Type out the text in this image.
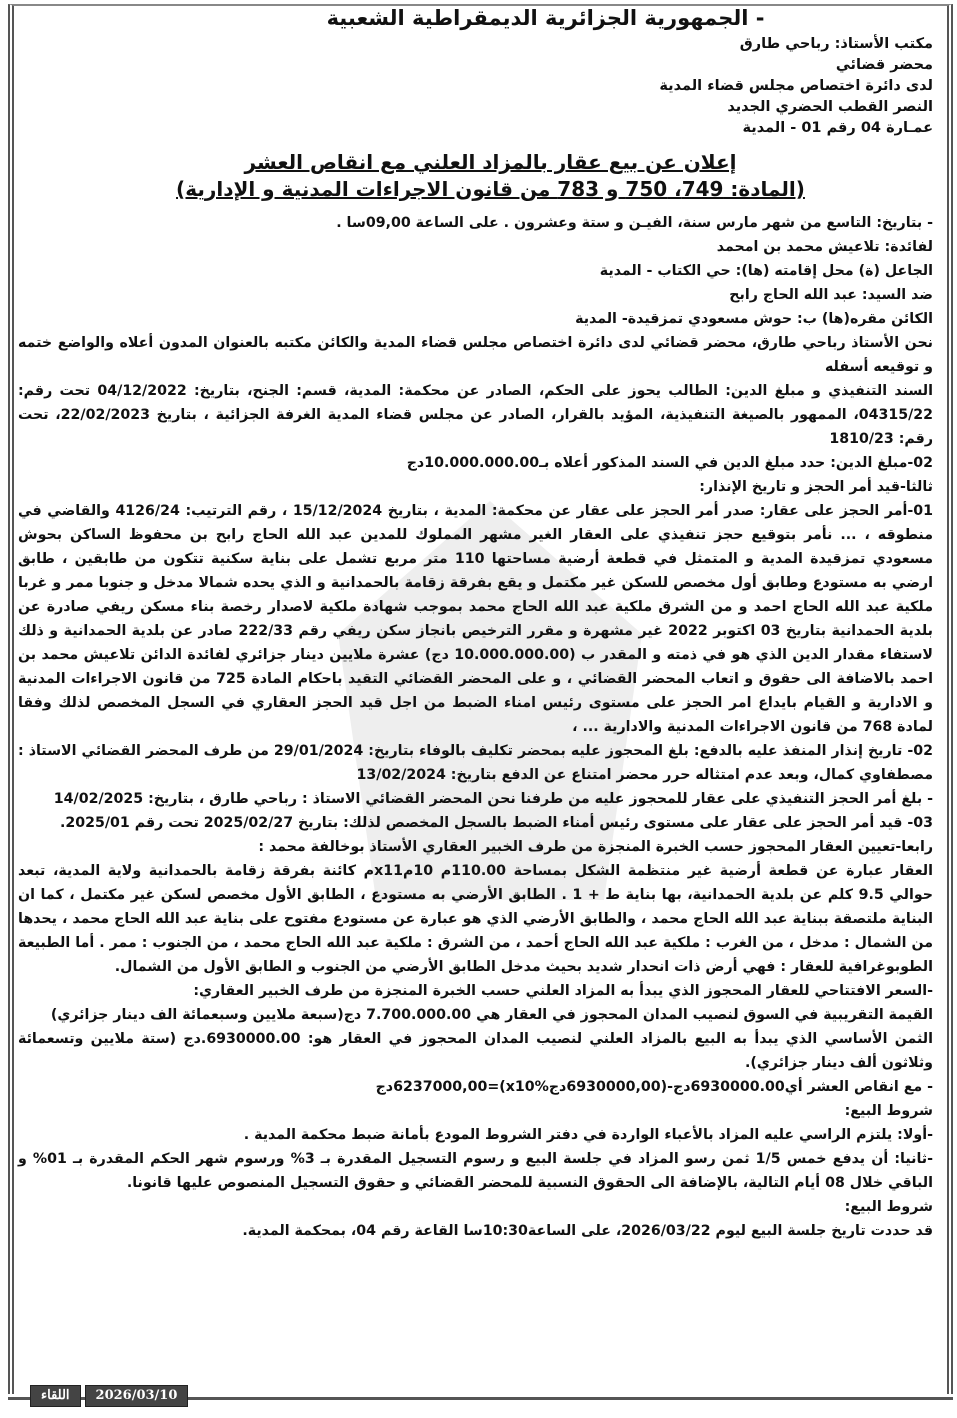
- الجمهورية الجزائرية الديمقراطية الشعبية
مكتب الأستاذ: رباحي طارق
محضر قضائي
لدى دائرة اختصاص مجلس قضاء المدية
النصر القطب الحضري الجديد
عمـارة 04 رقم 01 - المدية
إعلان عن بيع عقار بالمزاد العلني مع انقاص العشر
(المادة: 749، 750 و 783 من قانون الاجراءات المدنية و الإدارية)

- بتاريخ: التاسع من شهر مارس سنة، الفيـن و ستة وعشرون . على الساعة 09,00سا .

لفائدة: تلاعيش محمد بن امحمد

الجاعل (ة) محل إقامته (ها): حي الكتاب - المدية

ضد السيد: عبد الله الحاج رابح

الكائن مقره(ها) ب: حوش مسعودي تمزقيدة- المدية

نحن الأستاذ رباحي طارق، محضر قضائي لدى دائرة اختصاص مجلس قضاء المدية والكائن مكتبه بالعنوان المدون أعلاه والواضع ختمه و توقيعه أسفله

السند التنفيذي و مبلغ الدين: الطالب يحوز على الحكم، الصادر عن محكمة: المدية، قسم: الجنح، بتاريخ: 04/12/2022 تحت رقم: 04315/22، الممهور بالصيغة التنفيذية، المؤيد بالقرار، الصادر عن مجلس قضاء المدية الغرفة الجزائية ، بتاريخ 22/02/2023، تحت رقم: 1810/23

02-مبلغ الدين: حدد مبلغ الدين في السند المذكور أعلاه بـ10.000.000.00دج

ثالثا-قيد أمر الحجز و تاريخ الإنذار:

01-أمر الحجز على عقار: صدر أمر الحجز على عقار عن محكمة: المدية ، بتاريخ 15/12/2024 ، رقم الترتيب: 4126/24 والقاضي في منطوقه ، ... نأمر بتوقيع حجز تنفيذي على العقار الغير مشهر المملوك للمدين عبد الله الحاج رابح بن محفوظ الساكن بحوش مسعودي تمزقيدة المدية و المتمثل في قطعة أرضية مساحتها 110 متر مربع تشمل على بناية سكنية تتكون من طابقين ، طابق ارضي به مستودع وطابق أول مخصص للسكن غير مكتمل و يقع بفرقة زقامة بالحمدانية و الذي يحده شمالا مدخل و جنوبا ممر و غربا ملكية عبد الله الحاج احمد و من الشرق ملكية عبد الله الحاج محمد بموجب شهادة ملكية لاصدار رخصة بناء مسكن ريفي صادرة عن بلدية الحمدانية بتاريخ 03 اكتوبر 2022 غير مشهرة و مقرر الترخيص بانجاز سكن ريفي رقم 222/33 صادر عن بلدية الحمدانية و ذلك لاستفاء مقدار الدين الذي هو في ذمته و المقدر ب (10.000.000.00 دج) عشرة ملايين دينار جزائري لفائدة الدائن تلاعيش محمد بن احمد بالاضافة الى حقوق و اتعاب المحضر القضائي ، و على المحضر القضائي التقيد باحكام المادة 725 من قانون الاجراءات المدنية و الادارية و القيام بايداع امر الحجز على مستوى رئيس امناء الضبط من اجل قيد الحجز العقاري في السجل المخصص لذلك وفقا لمادة 768 من قانون الاجراءات المدنية والادارية ... ،

02- تاريخ إنذار المنفذ عليه بالدفع: بلغ المحجوز عليه بمحضر تكليف بالوفاء بتاريخ: 29/01/2024 من طرف المحضر القضائي الاستاذ : مصطفاوي كمال، وبعد عدم امتثاله حرر محضر امتناع عن الدفع بتاريخ: 13/02/2024

- بلغ أمر الحجز التنفيذي على عقار للمحجوز عليه من طرفنا نحن المحضر القضائي الاستاذ : رباحي طارق ، بتاريخ: 14/02/2025

03- قيد أمر الحجز على عقار على مستوى رئيس أمناء الضبط بالسجل المخصص لذلك: بتاريخ 2025/02/27 تحت رقم 2025/01.

رابعا-تعيين العقار المحجوز حسب الخبرة المنجزة من طرف الخبير العقاري الأستاذ بوخالفة محمد :

العقار عبارة عن قطعة أرضية غير منتظمة الشكل بمساحة 110.00م 10مx11م كائنة بفرقة زقامة بالحمدانية ولاية المدية، تبعد حوالي 9.5 كلم عن بلدية الحمدانية، بها بناية ط + 1 . الطابق الأرضي به مستودع ، الطابق الأول مخصص لسكن غير مكتمل ، كما ان البناية ملتصقة ببناية عبد الله الحاج محمد ، والطابق الأرضي الذي هو عبارة عن مستودع مفتوح على بناية عبد الله الحاج محمد ، يحدها من الشمال : مدخل ، من الغرب : ملكية عبد الله الحاج أحمد ، من الشرق : ملكية عبد الله الحاج محمد ، من الجنوب : ممر . أما الطبيعة الطوبوغرافية للعقار : فهي أرض ذات انحدار شديد بحيث مدخل الطابق الأرضي من الجنوب و الطابق الأول من الشمال.

-السعر الافتتاحي للعقار المحجوز الذي يبدأ به المزاد العلني حسب الخبرة المنجزة من طرف الخبير العقاري:

القيمة التقريبية في السوق لنصيب المدان المحجوز في العقار هي 7.700.000.00 دج(سبعة ملايين وسبعمائة الف دينار جزائري)

الثمن الأساسي الذي يبدأ به البيع بالمزاد العلني لنصيب المدان المحجوز في العقار هو: 6930000.00.دج (ستة ملايين وتسعمائة وثلاثون ألف دينار جزائري).

- مع انقاص العشر أي6930000.00دج-(6930000,00دجx10%)=6237000,00دج

شروط البيع:

-أولا: يلتزم الراسي عليه المزاد بالأعباء الواردة في دفتر الشروط المودع بأمانة ضبط محكمة المدية .

-ثانيا: أن يدفع خمس 1/5 ثمن رسو المزاد في جلسة البيع و رسوم التسجيل المقدرة بـ 3% ورسوم شهر الحكم المقدرة بـ 01% و الباقي خلال 08 أيام التالية، بالإضافة الى الحقوق النسبية للمحضر القضائي و حقوق التسجيل المنصوص عليها قانونا.

شروط البيع:

قد حددت تاريخ جلسة البيع ليوم 2026/03/22، على الساعة10:30سا القاعة رقم 04، بمحكمة المدية.

اللقاء	2026/03/10
